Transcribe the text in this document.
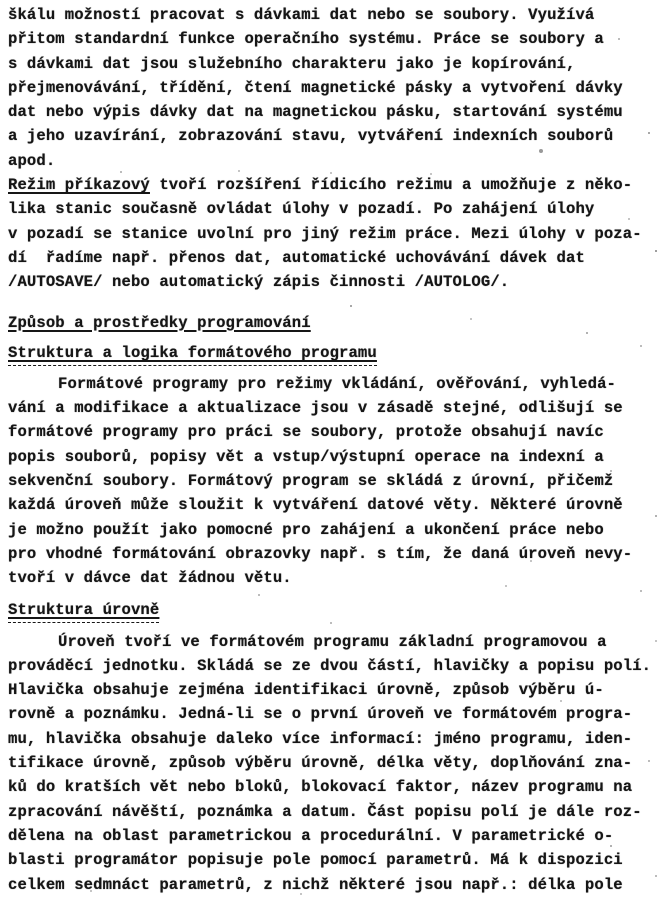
škálu možností pracovat s dávkami dat nebo se soubory. Využívá
přitom standardní funkce operačního systému. Práce se soubory a
s dávkami dat jsou služebního charakteru jako je kopírování,
přejmenovávání, třídění, čtení magnetické pásky a vytvoření dávky
dat nebo výpis dávky dat na magnetickou pásku, startování systému
a jeho uzavírání, zobrazování stavu, vytváření indexních souborů
apod.
Režim příkazový tvoří rozšíření řídicího režimu a umožňuje z něko-
lika stanic současně ovládat úlohy v pozadí. Po zahájení úlohy
v pozadí se stanice uvolní pro jiný režim práce. Mezi úlohy v poza-
dí  řadíme např. přenos dat, automatické uchovávání dávek dat
/AUTOSAVE/ nebo automatický zápis činnosti /AUTOLOG/.
Způsob a prostředky programování
Struktura a logika formátového programu
Formátové programy pro režimy vkládání, ověřování, vyhledá-
vání a modifikace a aktualizace jsou v zásadě stejné, odlišují se
formátové programy pro práci se soubory, protože obsahují navíc
popis souborů, popisy vět a vstup/výstupní operace na indexní a
sekvenční soubory. Formátový program se skládá z úrovní, přičemž
každá úroveň může sloužit k vytváření datové věty. Některé úrovně
je možno použít jako pomocné pro zahájení a ukončení práce nebo
pro vhodné formátování obrazovky např. s tím, že daná úroveň nevy-
tvoří v dávce dat žádnou větu.
Struktura úrovně
Úroveň tvoří ve formátovém programu základní programovou a
prováděcí jednotku. Skládá se ze dvou částí, hlavičky a popisu polí.
Hlavička obsahuje zejména identifikaci úrovně, způsob výběru ú-
rovně a poznámku. Jedná-li se o první úroveň ve formátovém progra-
mu, hlavička obsahuje daleko více informací: jméno programu, iden-
tifikace úrovně, způsob výběru úrovně, délka věty, doplňování zna-
ků do kratších vět nebo bloků, blokovací faktor, název programu na
zpracování návěští, poznámka a datum. Část popisu polí je dále roz-
dělena na oblast parametrickou a procedurální. V parametrické o-
blasti programátor popisuje pole pomocí parametrů. Má k dispozici
celkem sedmnáct parametrů, z nichž některé jsou např.: délka pole
